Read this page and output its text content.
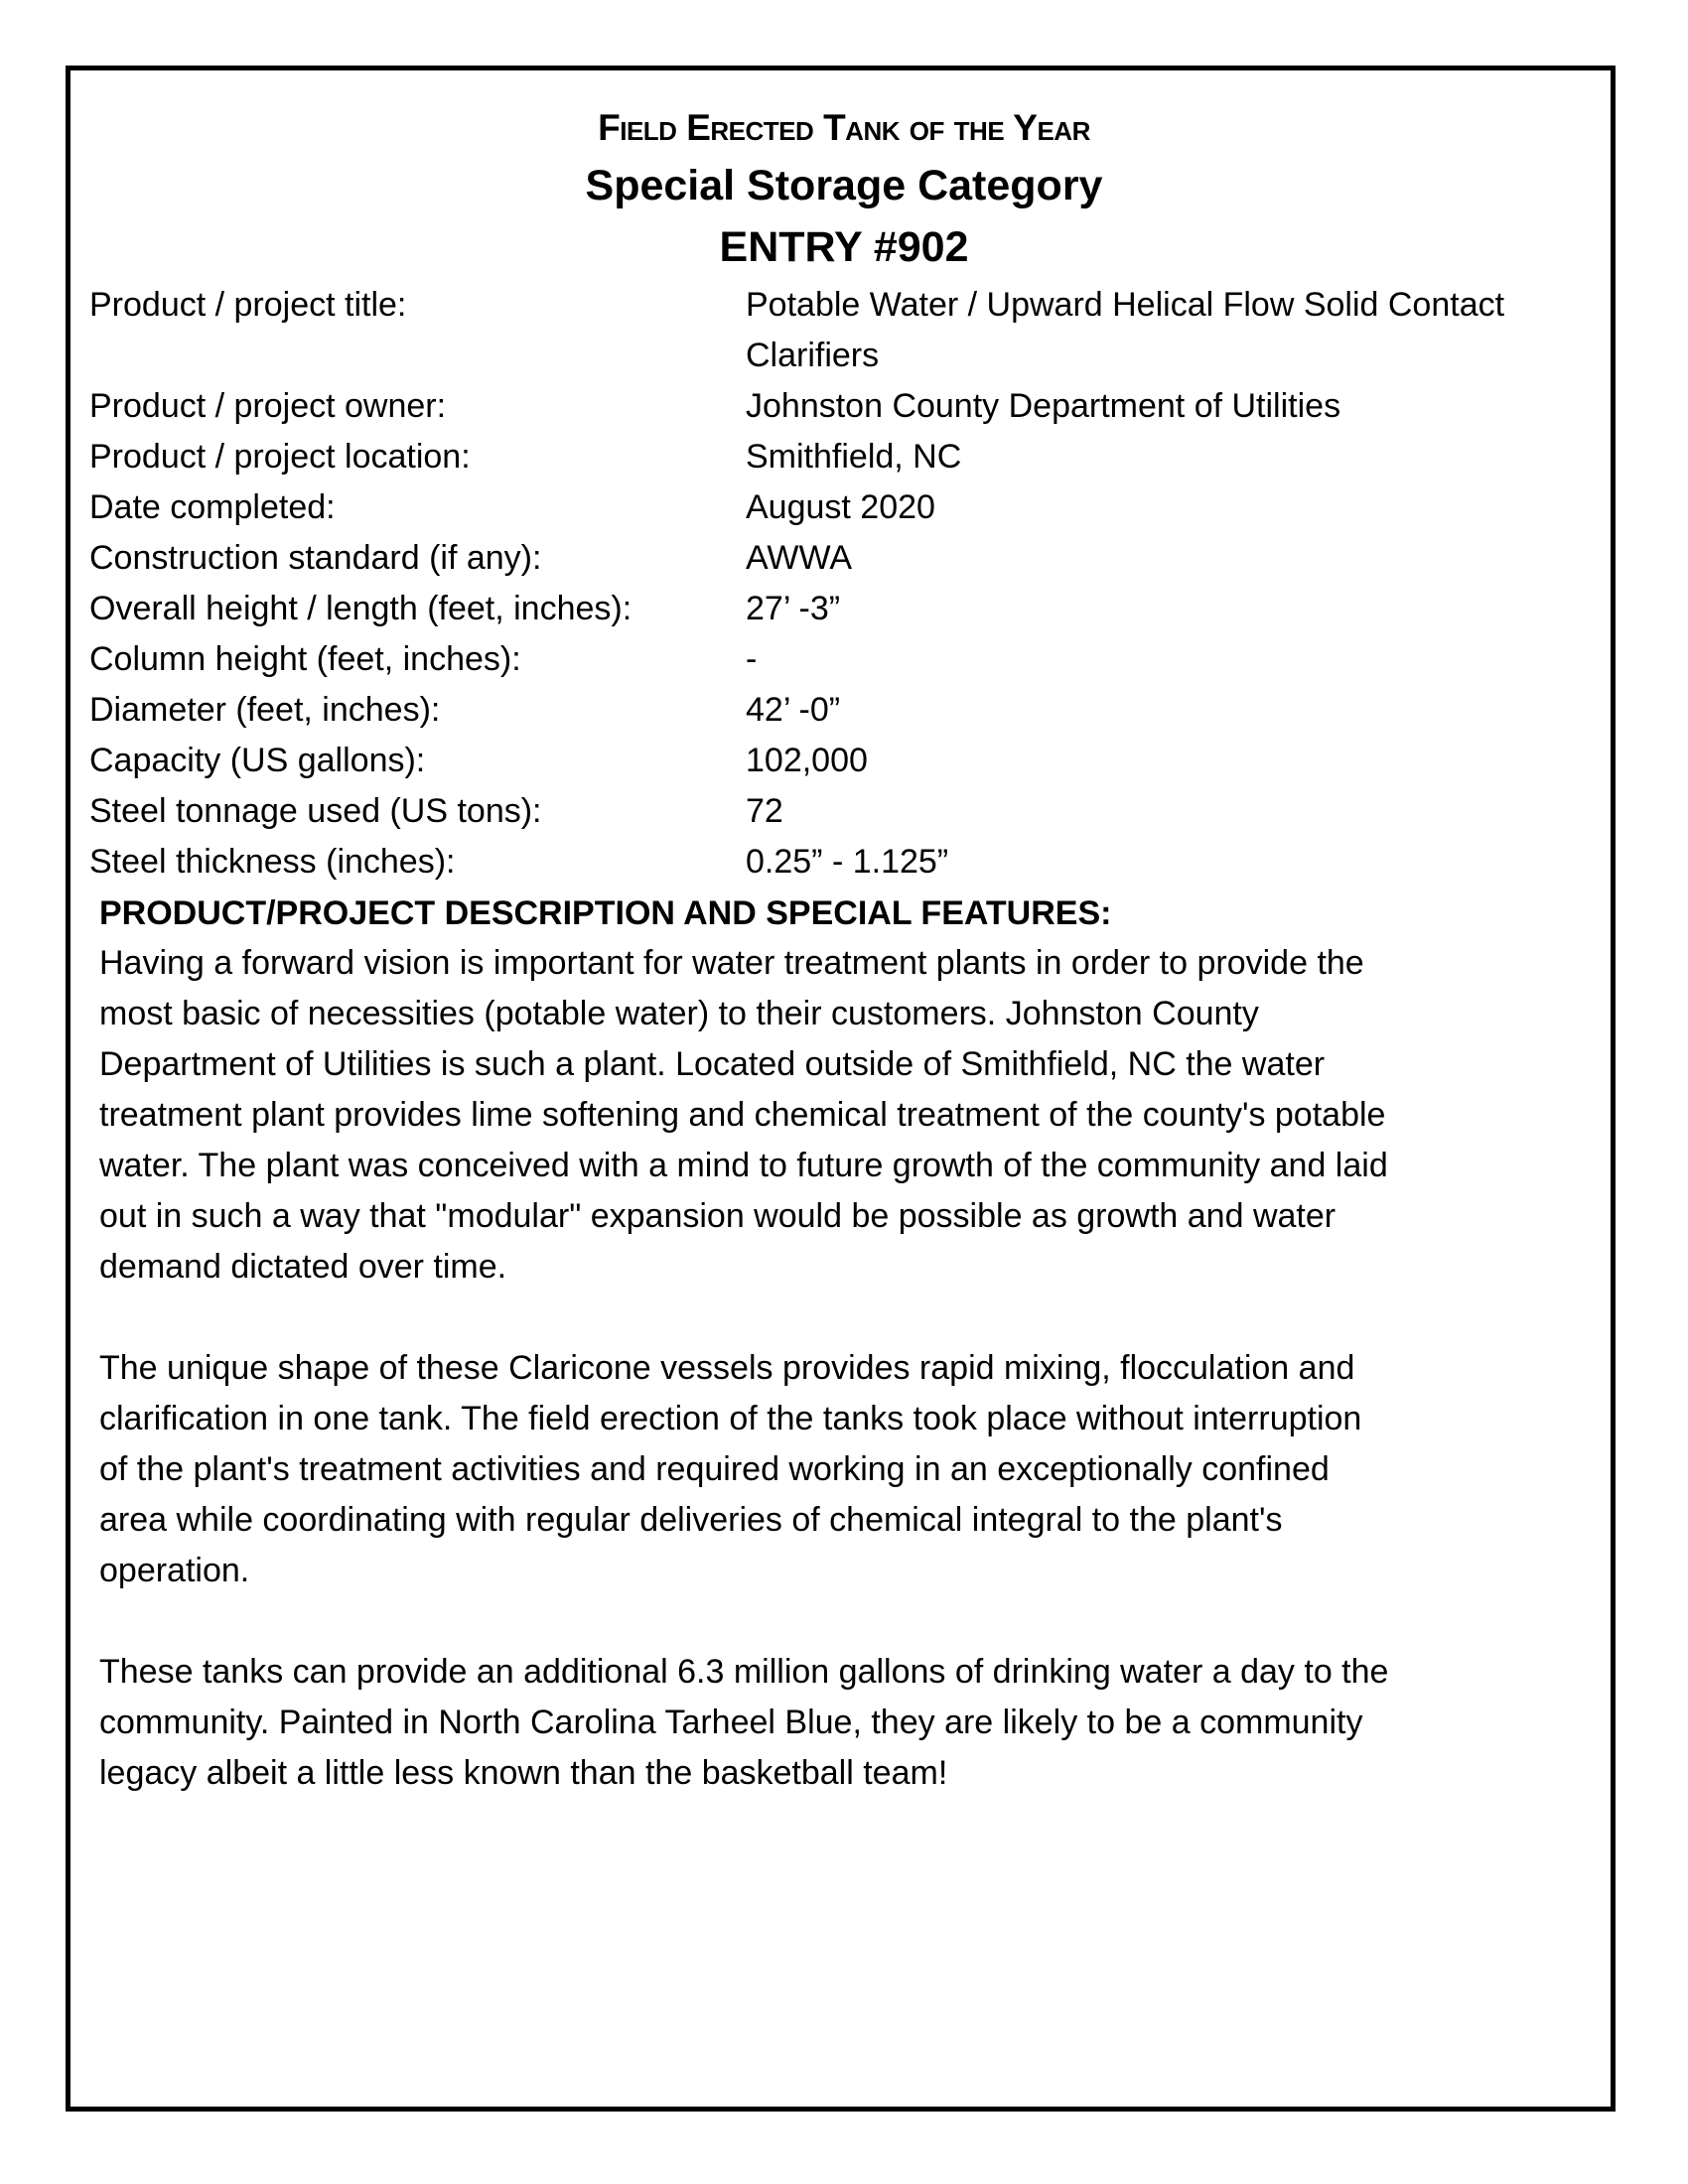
Field Erected Tank of the Year
Special Storage Category
ENTRY #902
Product / project title:	Potable Water / Upward Helical Flow Solid Contact Clarifiers
Product / project owner:	Johnston County Department of Utilities
Product / project location:	Smithfield, NC
Date completed:	August 2020
Construction standard (if any):	AWWA
Overall height / length (feet, inches):	27’ -3”
Column height (feet, inches):	-
Diameter (feet, inches):	42’ -0”
Capacity (US gallons):	102,000
Steel tonnage used (US tons):	72
Steel thickness (inches):	0.25” - 1.125”
PRODUCT/PROJECT DESCRIPTION AND SPECIAL FEATURES:
Having a forward vision is important for water treatment plants in order to provide the
most basic of necessities (potable water) to their customers. Johnston County
Department of Utilities is such a plant. Located outside of Smithfield, NC the water
treatment plant provides lime softening and chemical treatment of the county's potable
water. The plant was conceived with a mind to future growth of the community and laid
out in such a way that "modular" expansion would be possible as growth and water
demand dictated over time.
The unique shape of these Claricone vessels provides rapid mixing, flocculation and
clarification in one tank. The field erection of the tanks took place without interruption
of the plant's treatment activities and required working in an exceptionally confined
area while coordinating with regular deliveries of chemical integral to the plant's
operation.
These tanks can provide an additional 6.3 million gallons of drinking water a day to the
community. Painted in North Carolina Tarheel Blue, they are likely to be a community
legacy albeit a little less known than the basketball team!
